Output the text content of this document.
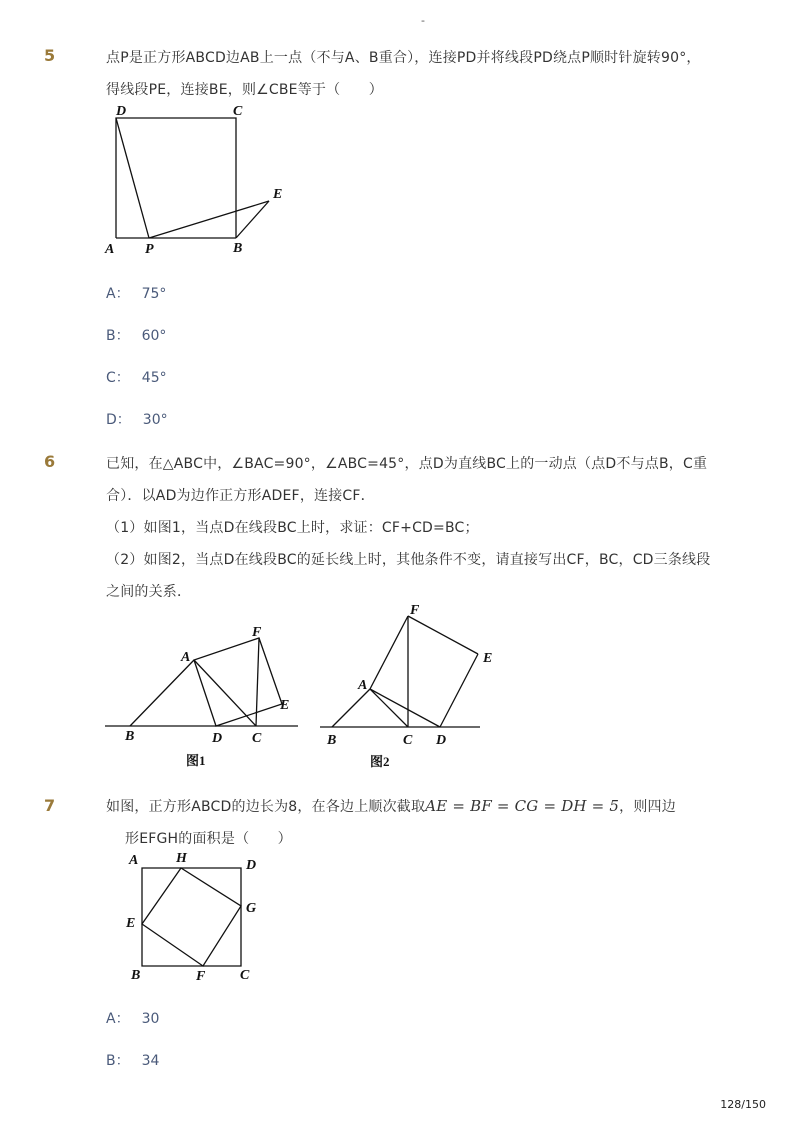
-
5	点P是正方形ABCD边AB上一点（不与A、B重合），连接PD并将线段PD绕点P顺时针旋转90°，
得线段PE，连接BE，则∠CBE等于（　　）
D	C
E
A P	B
A： 75°
B： 60°
C： 45°
D： 30°
6	已知，在△ABC中，∠BAC=90°，∠ABC=45°，点D为直线BC上的一动点（点D不与点B，C重
合）．以AD为边作正方形ADEF，连接CF．
（1）如图1，当点D在线段BC上时，求证：CF+CD=BC；
（2）如图2，当点D在线段BC的延长线上时，其他条件不变，请直接写出CF，BC，CD三条线段
之间的关系．
F
A
E
B	D C
图1
F
E
A
B	C D
图2
7	如图，正方形ABCD的边长为8，在各边上顺次截取AE = BF = CG = DH = 5，则四边
形EFGH的面积是（　　）
A	H	D
E
G
B	F C
A： 30
B： 34
128/150
